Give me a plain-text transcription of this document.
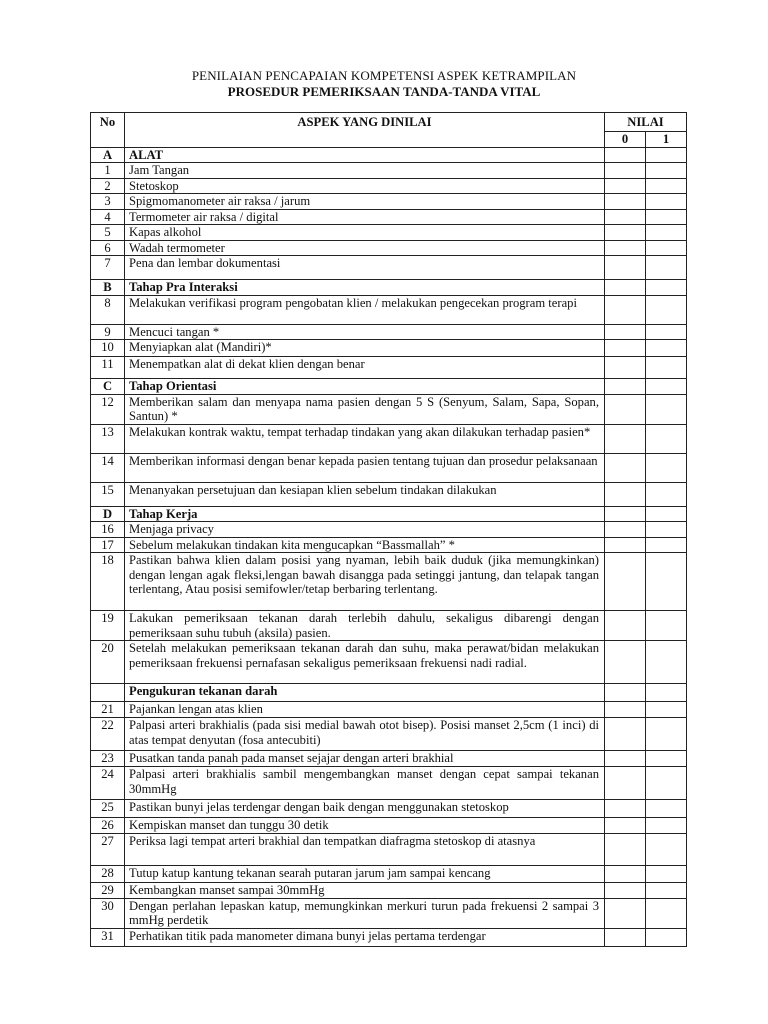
PENILAIAN PENCAPAIAN KOMPETENSI ASPEK KETRAMPILAN
PROSEDUR PEMERIKSAAN TANDA-TANDA VITAL
No	ASPEK YANG DINILAI	NILAI	
		0	1
A	ALAT		
1	Jam Tangan		
2	Stetoskop		
3	Spigmomanometer air raksa / jarum		
4	Termometer air raksa / digital		
5	Kapas alkohol		
6	Wadah termometer		
7	Pena dan lembar dokumentasi		
B	Tahap Pra Interaksi		
8	Melakukan verifikasi program pengobatan klien / melakukan pengecekan program terapi		
9	Mencuci tangan *		
10	Menyiapkan alat (Mandiri)*		
11	Menempatkan alat di dekat klien dengan benar		
C	Tahap Orientasi		
12	Memberikan salam dan menyapa nama pasien dengan 5 S (Senyum, Salam, Sapa, Sopan, Santun) *		
13	Melakukan kontrak waktu, tempat terhadap tindakan yang akan dilakukan terhadap pasien*		
14	Memberikan informasi dengan benar kepada pasien tentang tujuan dan prosedur pelaksanaan		
15	Menanyakan persetujuan dan kesiapan klien sebelum tindakan dilakukan		
D	Tahap Kerja		
16	Menjaga privacy		
17	Sebelum melakukan tindakan kita mengucapkan “Bassmallah” *		
18	Pastikan bahwa klien dalam posisi yang nyaman, lebih baik duduk (jika memungkinkan) dengan lengan agak fleksi,lengan bawah disangga pada setinggi jantung, dan telapak tangan terlentang, Atau posisi semifowler/tetap berbaring terlentang.		
19	Lakukan pemeriksaan tekanan darah terlebih dahulu, sekaligus dibarengi dengan pemeriksaan suhu tubuh (aksila) pasien.		
20	Setelah melakukan pemeriksaan tekanan darah dan suhu, maka perawat/bidan melakukan pemeriksaan frekuensi pernafasan sekaligus pemeriksaan frekuensi nadi radial.		
	Pengukuran tekanan darah		
21	Pajankan lengan atas klien		
22	Palpasi arteri brakhialis (pada sisi medial bawah otot bisep). Posisi manset 2,5cm (1 inci) di atas tempat denyutan (fosa antecubiti)		
23	Pusatkan tanda panah pada manset sejajar dengan arteri brakhial		
24	Palpasi arteri brakhialis sambil mengembangkan manset dengan cepat sampai tekanan 30mmHg		
25	Pastikan bunyi jelas terdengar dengan baik dengan menggunakan stetoskop		
26	Kempiskan manset dan tunggu 30 detik		
27	Periksa lagi tempat arteri brakhial dan tempatkan diafragma stetoskop di atasnya		
28	Tutup katup kantung tekanan searah putaran jarum jam sampai kencang		
29	Kembangkan manset sampai 30mmHg		
30	Dengan perlahan lepaskan katup, memungkinkan merkuri turun pada frekuensi 2 sampai 3 mmHg perdetik		
31	Perhatikan titik pada manometer dimana bunyi jelas pertama terdengar		
